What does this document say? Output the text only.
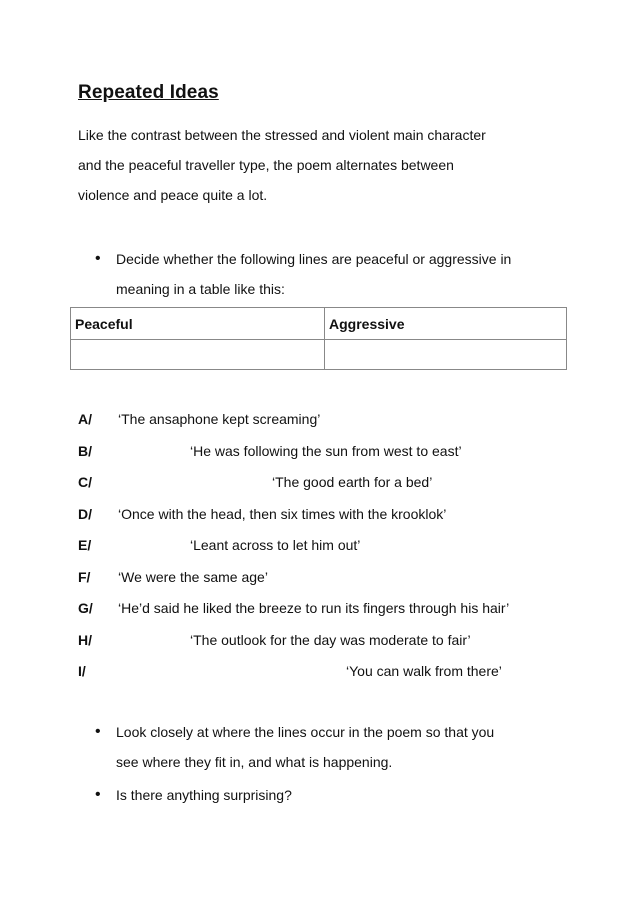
Repeated Ideas
Like the contrast between the stressed and violent main character
and the peaceful traveller type, the poem alternates between
violence and peace quite a lot.
• Decide whether the following lines are peaceful or aggressive in
meaning in a table like this:
Peaceful	Aggressive

A/ ‘The ansaphone kept screaming’
B/	‘He was following the sun from west to east’
C/	‘The good earth for a bed’
D/ ‘Once with the head, then six times with the krooklok’
E/	‘Leant across to let him out’
F/ ‘We were the same age’
G/ ‘He’d said he liked the breeze to run its fingers through his hair’
H/	‘The outlook for the day was moderate to fair’
I/	‘You can walk from there’
• Look closely at where the lines occur in the poem so that you
see where they fit in, and what is happening.
• Is there anything surprising?
